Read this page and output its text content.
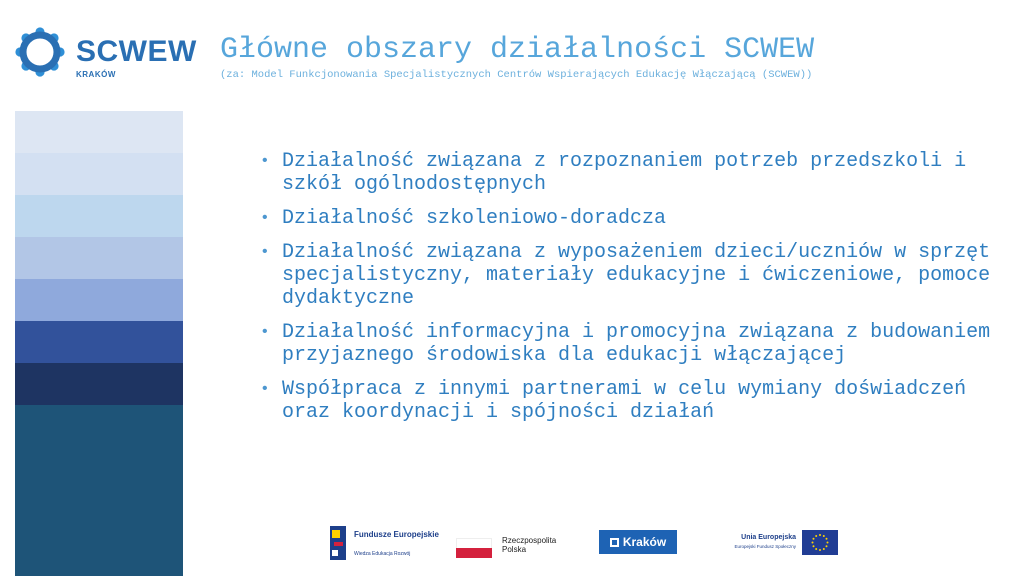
SCWEW
KRAKÓW
Główne obszary działalności SCWEW
(za: Model Funkcjonowania Specjalistycznych Centrów Wspierających Edukację Włączającą (SCWEW))
• Działalność związana z rozpoznaniem potrzeb przedszkoli i szkół ogólnodostępnych
• Działalność szkoleniowo-doradcza
• Działalność związana z wyposażeniem dzieci/uczniów w sprzęt specjalistyczny, materiały edukacyjne i ćwiczeniowe, pomoce dydaktyczne
• Działalność informacyjna i promocyjna związana z budowaniem przyjaznego środowiska dla edukacji włączającej
• Współpraca z innymi partnerami w celu wymiany doświadczeń oraz koordynacji i spójności działań
Fundusze Europejskie
Wiedza Edukacja Rozwój
Rzeczpospolita Polska
Kraków	Unia Europejska
Europejski Fundusz Społeczny
